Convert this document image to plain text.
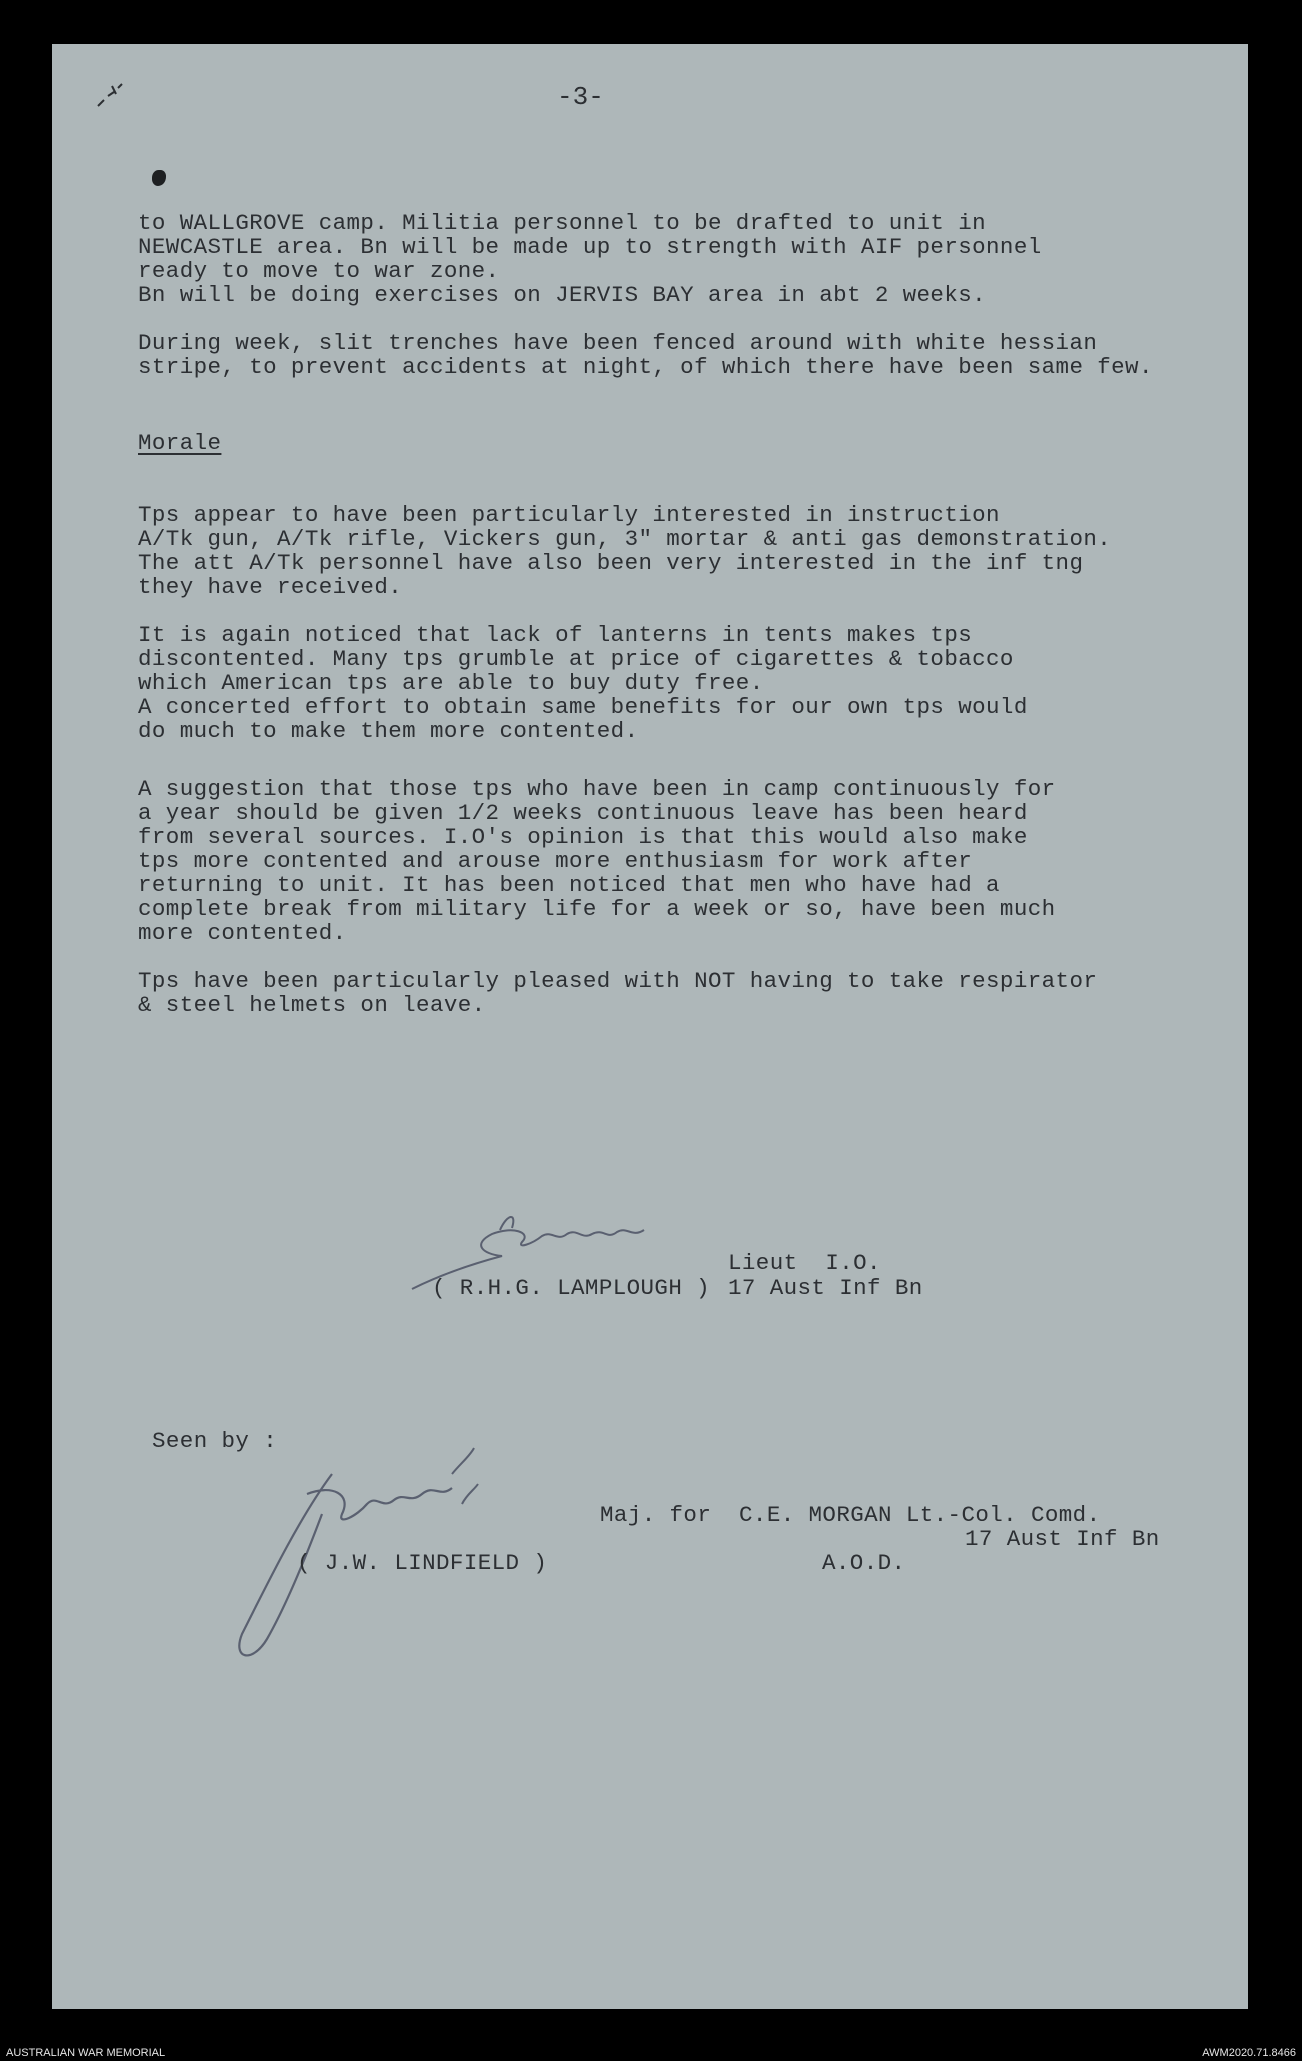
-3-
to WALLGROVE camp. Militia personnel to be drafted to unit in
NEWCASTLE area. Bn will be made up to strength with AIF personnel
ready to move to war zone.
Bn will be doing exercises on JERVIS BAY area in abt 2 weeks.
During week, slit trenches have been fenced around with white hessian
stripe, to prevent accidents at night, of which there have been same few.
Morale
Tps appear to have been particularly interested in instruction
A/Tk gun, A/Tk rifle, Vickers gun, 3" mortar & anti gas demonstration.
The att A/Tk personnel have also been very interested in the inf tng
they have received.
It is again noticed that lack of lanterns in tents makes tps
discontented. Many tps grumble at price of cigarettes & tobacco
which American tps are able to buy duty free.
A concerted effort to obtain same benefits for our own tps would
do much to make them more contented.
A suggestion that those tps who have been in camp continuously for
a year should be given 1/2 weeks continuous leave has been heard
from several sources. I.O's opinion is that this would also make
tps more contented and arouse more enthusiasm for work after
returning to unit. It has been noticed that men who have had a
complete break from military life for a week or so, have been much
more contented.
Tps have been particularly pleased with NOT having to take respirator
& steel helmets on leave.
( R.H.G. LAMPLOUGH )
Lieut  I.O.
17 Aust Inf Bn
Seen by :
( J.W. LINDFIELD )
Maj. for  C.E. MORGAN Lt.-Col. Comd.
17 Aust Inf Bn
A.O.D.
AUSTRALIAN WAR MEMORIAL	AWM2020.71.8466
